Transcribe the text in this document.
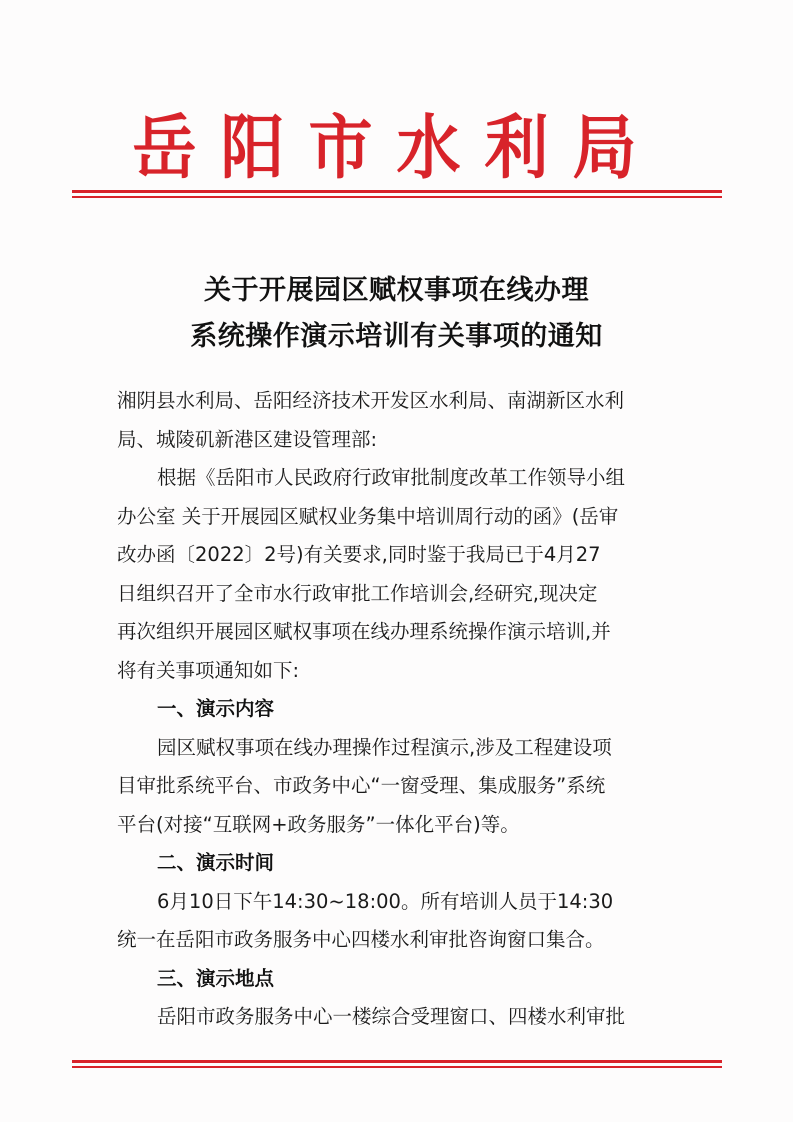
岳阳市水利局
关于开展园区赋权事项在线办理
系统操作演示培训有关事项的通知
湘阴县水利局、岳阳经济技术开发区水利局、南湖新区水利
局、城陵矶新港区建设管理部:
根据《岳阳市人民政府行政审批制度改革工作领导小组
办公室 关于开展园区赋权业务集中培训周行动的函》(岳审
改办函〔2022〕2号)有关要求,同时鉴于我局已于4月27
日组织召开了全市水行政审批工作培训会,经研究,现决定
再次组织开展园区赋权事项在线办理系统操作演示培训,并
将有关事项通知如下:
一、演示内容
园区赋权事项在线办理操作过程演示,涉及工程建设项
目审批系统平台、市政务中心“一窗受理、集成服务”系统
平台(对接“互联网+政务服务”一体化平台)等。
二、演示时间
6月10日下午14:30~18:00。所有培训人员于14:30
统一在岳阳市政务服务中心四楼水利审批咨询窗口集合。
三、演示地点
岳阳市政务服务中心一楼综合受理窗口、四楼水利审批
